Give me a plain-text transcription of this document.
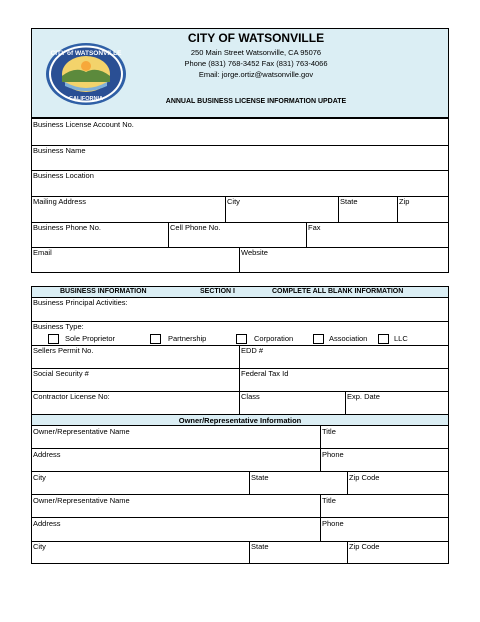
CITY of WATSONVILLE
CALIFORNIA
CITY OF WATSONVILLE
250 Main Street Watsonville, CA 95076
Phone (831) 768-3452 Fax (831) 763-4066
Email: jorge.ortiz@watsonville.gov
ANNUAL BUSINESS LICENSE INFORMATION UPDATE
Business License Account No.
Business Name
Business Location
Mailing Address	City	State	Zip
Business Phone No.	Cell Phone No.	Fax
Email	Website
BUSINESS INFORMATION	SECTION I	COMPLETE ALL BLANK INFORMATION
Business Principal Activities:
Business Type:
Sole Proprietor	Partnership	Corporation	Association	LLC
Sellers Permit No.	EDD #
Social Security #	Federal Tax Id
Contractor License No:	Class	Exp. Date
Owner/Representative Information
Owner/Representative Name	Title
Address	Phone
City	State	Zip Code
Owner/Representative Name	Title
Address	Phone
City	State	Zip Code
